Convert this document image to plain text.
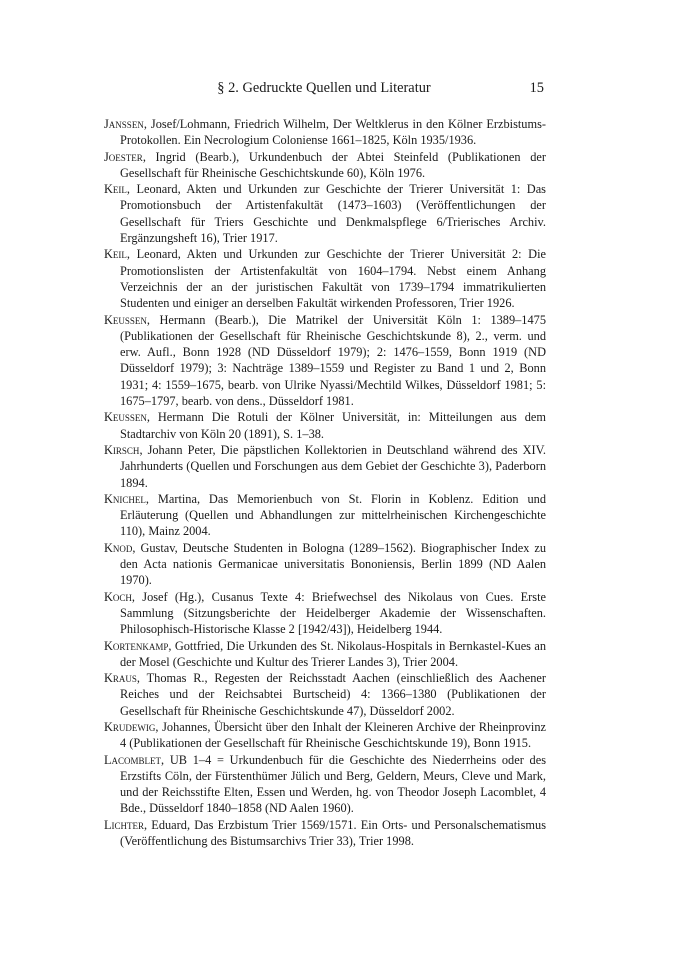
§ 2. Gedruckte Quellen und Literatur	15

Janssen, Josef/Lohmann, Friedrich Wilhelm, Der Weltklerus in den Kölner Erzbistums-Protokollen. Ein Necrologium Coloniense 1661–1825, Köln 1935/1936.

Joester, Ingrid (Bearb.), Urkundenbuch der Abtei Steinfeld (Publikationen der Gesellschaft für Rheinische Geschichtskunde 60), Köln 1976.

Keil, Leonard, Akten und Urkunden zur Geschichte der Trierer Universität 1: Das Promotionsbuch der Artistenfakultät (1473–1603) (Veröffentlichungen der Gesellschaft für Triers Geschichte und Denkmalspflege 6/Trierisches Archiv. Ergänzungsheft 16), Trier 1917.

Keil, Leonard, Akten und Urkunden zur Geschichte der Trierer Universität 2: Die Promotionslisten der Artistenfakultät von 1604–1794. Nebst einem Anhang Verzeichnis der an der juristischen Fakultät von 1739–1794 immatrikulierten Studenten und einiger an derselben Fakultät wirkenden Professoren, Trier 1926.

Keussen, Hermann (Bearb.), Die Matrikel der Universität Köln 1: 1389–1475 (Publikationen der Gesellschaft für Rheinische Geschichtskunde 8), 2., verm. und erw. Aufl., Bonn 1928 (ND Düsseldorf 1979); 2: 1476–1559, Bonn 1919 (ND Düsseldorf 1979); 3: Nachträge 1389–1559 und Register zu Band 1 und 2, Bonn 1931; 4: 1559–1675, bearb. von Ulrike Nyassi/Mechtild Wilkes, Düsseldorf 1981; 5: 1675–1797, bearb. von dens., Düsseldorf 1981.

Keussen, Hermann Die Rotuli der Kölner Universität, in: Mitteilungen aus dem Stadtarchiv von Köln 20 (1891), S. 1–38.

Kirsch, Johann Peter, Die päpstlichen Kollektorien in Deutschland während des XIV. Jahrhunderts (Quellen und Forschungen aus dem Gebiet der Geschichte 3), Paderborn 1894.

Knichel, Martina, Das Memorienbuch von St. Florin in Koblenz. Edition und Erläuterung (Quellen und Abhandlungen zur mittelrheinischen Kirchengeschichte 110), Mainz 2004.

Knod, Gustav, Deutsche Studenten in Bologna (1289–1562). Biographischer Index zu den Acta nationis Germanicae universitatis Bononiensis, Berlin 1899 (ND Aalen 1970).

Koch, Josef (Hg.), Cusanus Texte 4: Briefwechsel des Nikolaus von Cues. Erste Sammlung (Sitzungsberichte der Heidelberger Akademie der Wissenschaften. Philosophisch-Historische Klasse 2 [1942/43]), Heidelberg 1944.

Kortenkamp, Gottfried, Die Urkunden des St. Nikolaus-Hospitals in Bernkastel-Kues an der Mosel (Geschichte und Kultur des Trierer Landes 3), Trier 2004.

Kraus, Thomas R., Regesten der Reichsstadt Aachen (einschließlich des Aachener Reiches und der Reichsabtei Burtscheid) 4: 1366–1380 (Publikationen der Gesellschaft für Rheinische Geschichtskunde 47), Düsseldorf 2002.

Krudewig, Johannes, Übersicht über den Inhalt der Kleineren Archive der Rheinprovinz 4 (Publikationen der Gesellschaft für Rheinische Geschichtskunde 19), Bonn 1915.

Lacomblet, UB 1–4 = Urkundenbuch für die Geschichte des Niederrheins oder des Erzstifts Cöln, der Fürstenthümer Jülich und Berg, Geldern, Meurs, Cleve und Mark, und der Reichsstifte Elten, Essen und Werden, hg. von Theodor Joseph Lacomblet, 4 Bde., Düsseldorf 1840–1858 (ND Aalen 1960).

Lichter, Eduard, Das Erzbistum Trier 1569/1571. Ein Orts- und Personalschematismus (Veröffentlichung des Bistumsarchivs Trier 33), Trier 1998.
